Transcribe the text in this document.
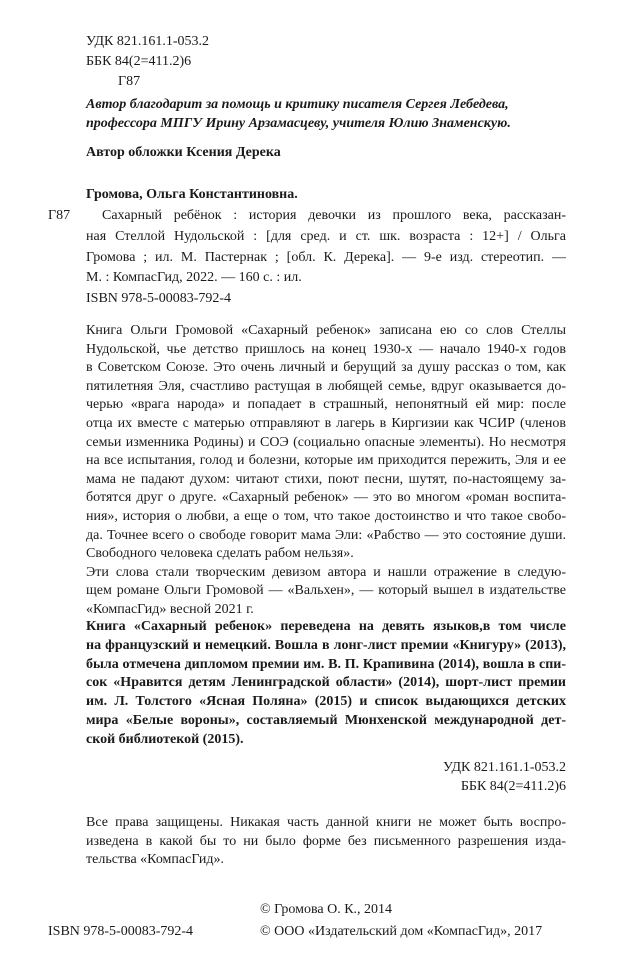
УДК 821.161.1-053.2
ББК 84(2=411.2)6
Г87
Автор благодарит за помощь и критику писателя Сергея Лебедева,
профессора МПГУ Ирину Арзамасцеву, учителя Юлию Знаменскую.
Автор обложки Ксения Дерека
Громова, Ольга Константиновна.
Г87 Сахарный ребёнок : история девочки из прошлого века, рассказан-
ная Стеллой Нудольской : [для сред. и ст. шк. возраста : 12+] / Ольга
Громова ; ил. М. Пастернак ; [обл. К. Дерека]. — 9-е изд. стереотип. —
М. : КомпасГид, 2022. — 160 с. : ил.
ISBN 978-5-00083-792-4
Книга Ольги Громовой «Сахарный ребенок» записана ею со слов Стеллы
Нудольской, чье детство пришлось на конец 1930-х — начало 1940-х годов
в Советском Союзе. Это очень личный и берущий за душу рассказ о том, как
пятилетняя Эля, счастливо растущая в любящей семье, вдруг оказывается до-
черью «врага народа» и попадает в страшный, непонятный ей мир: после
отца их вместе с матерью отправляют в лагерь в Киргизии как ЧСИР (членов
семьи изменника Родины) и СОЭ (социально опасные элементы). Но несмотря
на все испытания, голод и болезни, которые им приходится пережить, Эля и ее
мама не падают духом: читают стихи, поют песни, шутят, по-настоящему за-
ботятся друг о друге. «Сахарный ребенок» — это во многом «роман воспита-
ния», история о любви, а еще о том, что такое достоинство и что такое свобо-
да. Точнее всего о свободе говорит мама Эли: «Рабство — это состояние души.
Свободного человека сделать рабом нельзя».
Эти слова стали творческим девизом автора и нашли отражение в следую-
щем романе Ольги Громовой — «Вальхен», — который вышел в издательстве
«КомпасГид» весной 2021 г.
Книга «Сахарный ребенок» переведена на девять языков,в том числе
на французский и немецкий. Вошла в лонг-лист премии «Книгуру» (2013),
была отмечена дипломом премии им. В. П. Крапивина (2014), вошла в спи-
сок «Нравится детям Ленинградской области» (2014), шорт-лист премии
им. Л. Толстого «Ясная Поляна» (2015) и список выдающихся детских
мира «Белые вороны», составляемый Мюнхенской международной дет-
ской библиотекой (2015).
УДК 821.161.1-053.2
ББК 84(2=411.2)6
Все права защищены. Никакая часть данной книги не может быть воспро-
изведена в какой бы то ни было форме без письменного разрешения изда-
тельства «КомпасГид».
© Громова О. К., 2014
ISBN 978-5-00083-792-4	© ООО «Издательский дом «КомпасГид», 2017
